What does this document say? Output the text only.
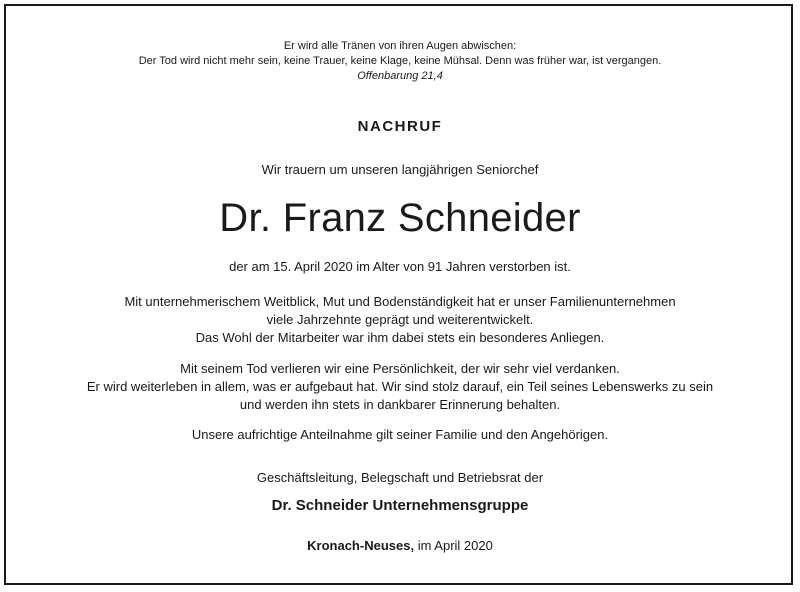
Er wird alle Tränen von ihren Augen abwischen:
Der Tod wird nicht mehr sein, keine Trauer, keine Klage, keine Mühsal. Denn was früher war, ist vergangen.
Offenbarung 21,4
NACHRUF
Wir trauern um unseren langjährigen Seniorchef
Dr. Franz Schneider
der am 15. April 2020 im Alter von 91 Jahren verstorben ist.
Mit unternehmerischem Weitblick, Mut und Bodenständigkeit hat er unser Familienunternehmen
viele Jahrzehnte geprägt und weiterentwickelt.
Das Wohl der Mitarbeiter war ihm dabei stets ein besonderes Anliegen.
Mit seinem Tod verlieren wir eine Persönlichkeit, der wir sehr viel verdanken.
Er wird weiterleben in allem, was er aufgebaut hat. Wir sind stolz darauf, ein Teil seines Lebenswerks zu sein
und werden ihn stets in dankbarer Erinnerung behalten.
Unsere aufrichtige Anteilnahme gilt seiner Familie und den Angehörigen.
Geschäftsleitung, Belegschaft und Betriebsrat der
Dr. Schneider Unternehmensgruppe
Kronach-Neuses, im April 2020
